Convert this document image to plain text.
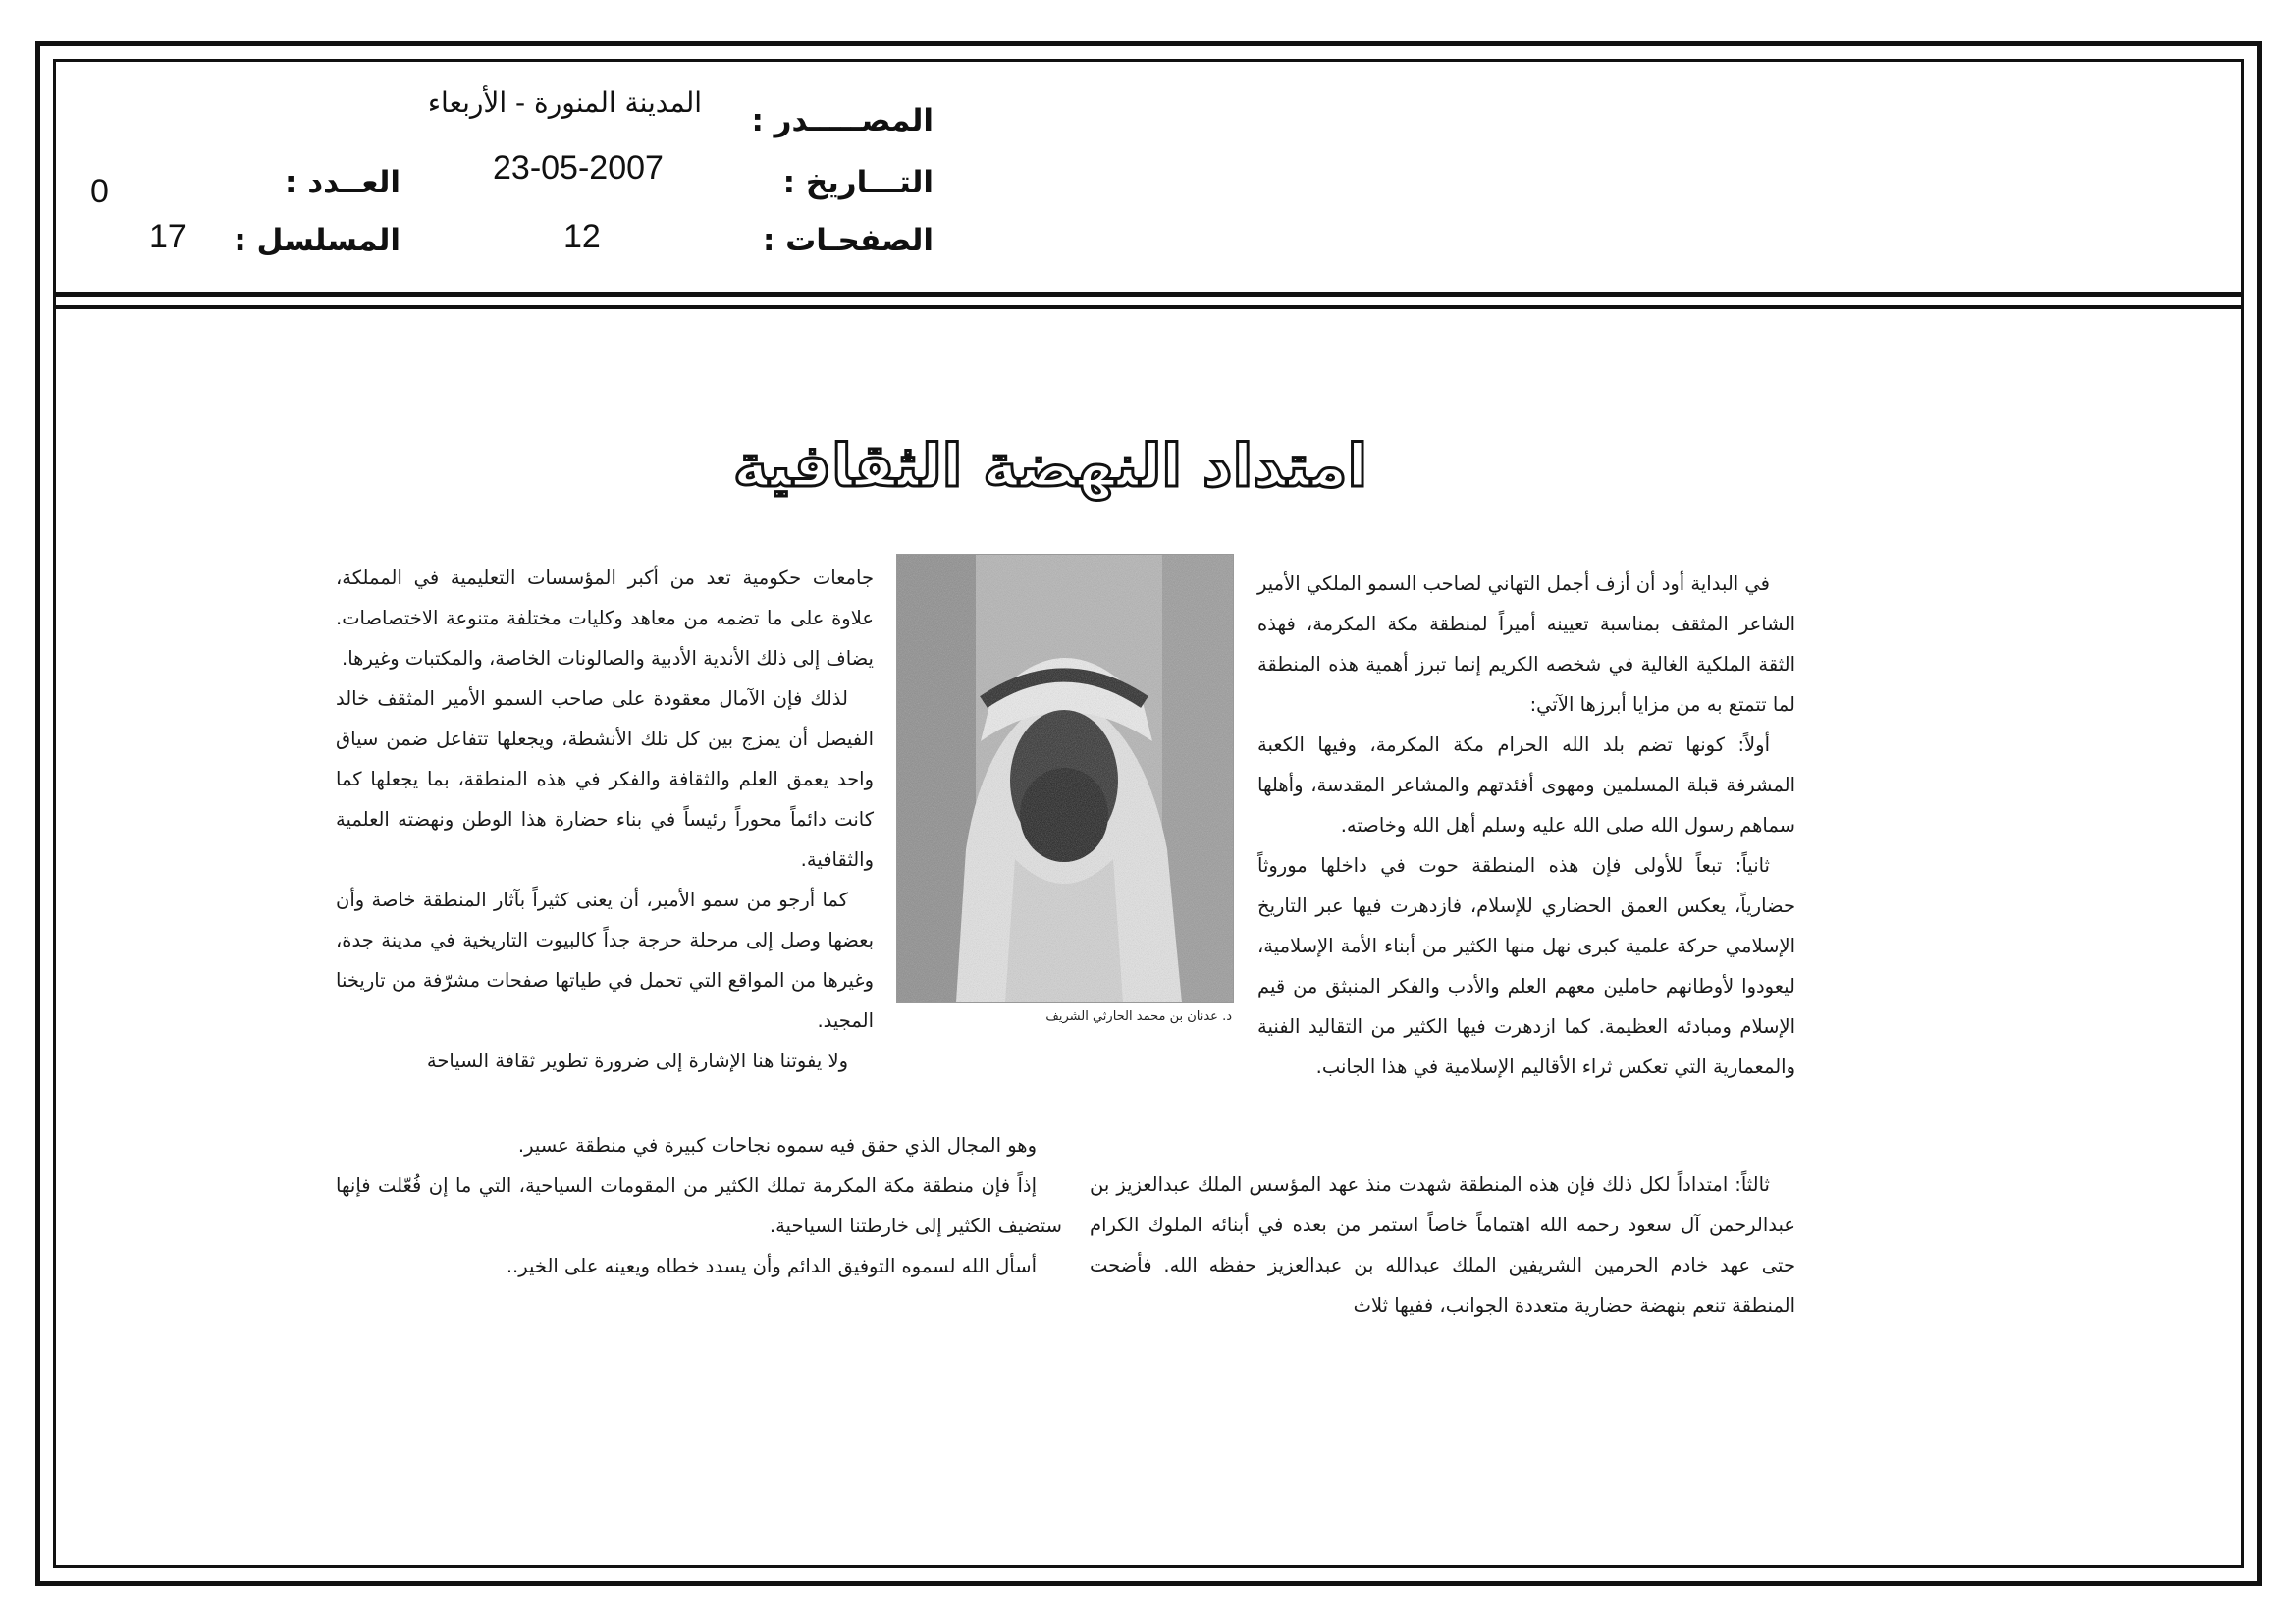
المصـــــدر :
المدينة المنورة - الأربعاء
التـــاريخ :
23-05-2007
الصفحـات :
12
العــدد :
0
المسلسل :
17
امتداد النهضة الثقافية

في البداية أود أن أزف أجمل التهاني لصاحب السمو الملكي الأمير الشاعر المثقف بمناسبة تعيينه أميراً لمنطقة مكة المكرمة، فهذه الثقة الملكية الغالية في شخصه الكريم إنما تبرز أهمية هذه المنطقة لما تتمتع به من مزايا أبرزها الآتي:

أولاً: كونها تضم بلد الله الحرام مكة المكرمة، وفيها الكعبة المشرفة قبلة المسلمين ومهوى أفئدتهم والمشاعر المقدسة، وأهلها سماهم رسول الله صلى الله عليه وسلم أهل الله وخاصته.

ثانياً: تبعاً للأولى فإن هذه المنطقة حوت في داخلها موروثاً حضارياً، يعكس العمق الحضاري للإسلام، فازدهرت فيها عبر التاريخ الإسلامي حركة علمية كبرى نهل منها الكثير من أبناء الأمة الإسلامية، ليعودوا لأوطانهم حاملين معهم العلم والأدب والفكر المنبثق من قيم الإسلام ومبادئه العظيمة. كما ازدهرت فيها الكثير من التقاليد الفنية والمعمارية التي تعكس ثراء الأقاليم الإسلامية في هذا الجانب.

ثالثاً: امتداداً لكل ذلك فإن هذه المنطقة شهدت منذ عهد المؤسس الملك عبدالعزيز بن عبدالرحمن آل سعود رحمه الله اهتماماً خاصاً استمر من بعده في أبنائه الملوك الكرام حتى عهد خادم الحرمين الشريفين الملك عبدالله بن عبدالعزيز حفظه الله. فأضحت المنطقة تنعم بنهضة حضارية متعددة الجوانب، ففيها ثلاث

د. عدنان بن محمد الحارثي الشريف

جامعات حكومية تعد من أكبر المؤسسات التعليمية في المملكة، علاوة على ما تضمه من معاهد وكليات مختلفة متنوعة الاختصاصات. يضاف إلى ذلك الأندية الأدبية والصالونات الخاصة، والمكتبات وغيرها.

لذلك فإن الآمال معقودة على صاحب السمو الأمير المثقف خالد الفيصل أن يمزج بين كل تلك الأنشطة، ويجعلها تتفاعل ضمن سياق واحد يعمق العلم والثقافة والفكر في هذه المنطقة، بما يجعلها كما كانت دائماً محوراً رئيساً في بناء حضارة هذا الوطن ونهضته العلمية والثقافية.

كما أرجو من سمو الأمير، أن يعنى كثيراً بآثار المنطقة خاصة وأن بعضها وصل إلى مرحلة حرجة جداً كالبيوت التاريخية في مدينة جدة، وغيرها من المواقع التي تحمل في طياتها صفحات مشرّفة من تاريخنا المجيد.

ولا يفوتنا هنا الإشارة إلى ضرورة تطوير ثقافة السياحة

وهو المجال الذي حقق فيه سموه نجاحات كبيرة في منطقة عسير.

إذاً فإن منطقة مكة المكرمة تملك الكثير من المقومات السياحية، التي ما إن فُعّلت فإنها ستضيف الكثير إلى خارطتنا السياحية.

أسأل الله لسموه التوفيق الدائم وأن يسدد خطاه ويعينه على الخير..
